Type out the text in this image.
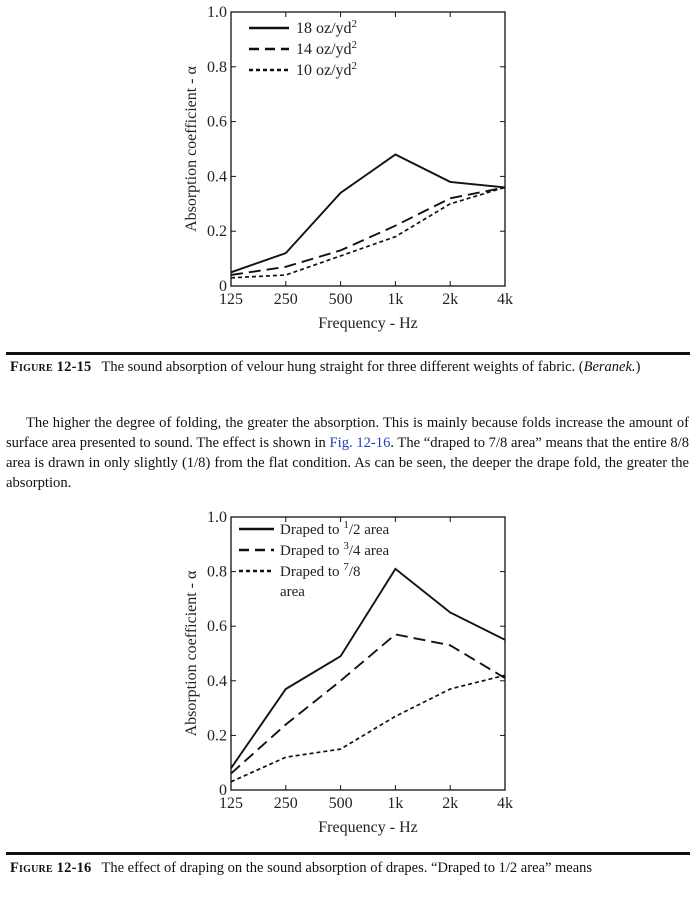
0
0.2
0.4
0.6
0.8
1.0
125 250 500 1k 2k 4k
Frequency - Hz
Absorption coefficient - α
18 $oz/yd^2$
14 $oz/yd^2$
10 $oz/yd^2$
Figure 12-15 The sound absorption of velour hung straight for three different weights of fabric. (Beranek.)
The higher the degree of folding, the greater the absorption. This is mainly because folds increase the amount of surface area presented to sound. The effect is shown in Fig. 12-16. The “draped to 7/8 area” means that the entire 8/8 area is drawn in only slightly (1/8) from the flat condition. As can be seen, the deeper the drape fold, the greater the absorption.
0
0.2
0.4
0.6
0.8
1.0
125 250 500 1k 2k 4k
Frequency - Hz
Absorption coefficient - α
Draped to $^1$/2 area
Draped to $^3$/4 area
Draped to $^7$/8
area
Figure 12-16 The effect of draping on the sound absorption of drapes. “Draped to 1/2 area” means
